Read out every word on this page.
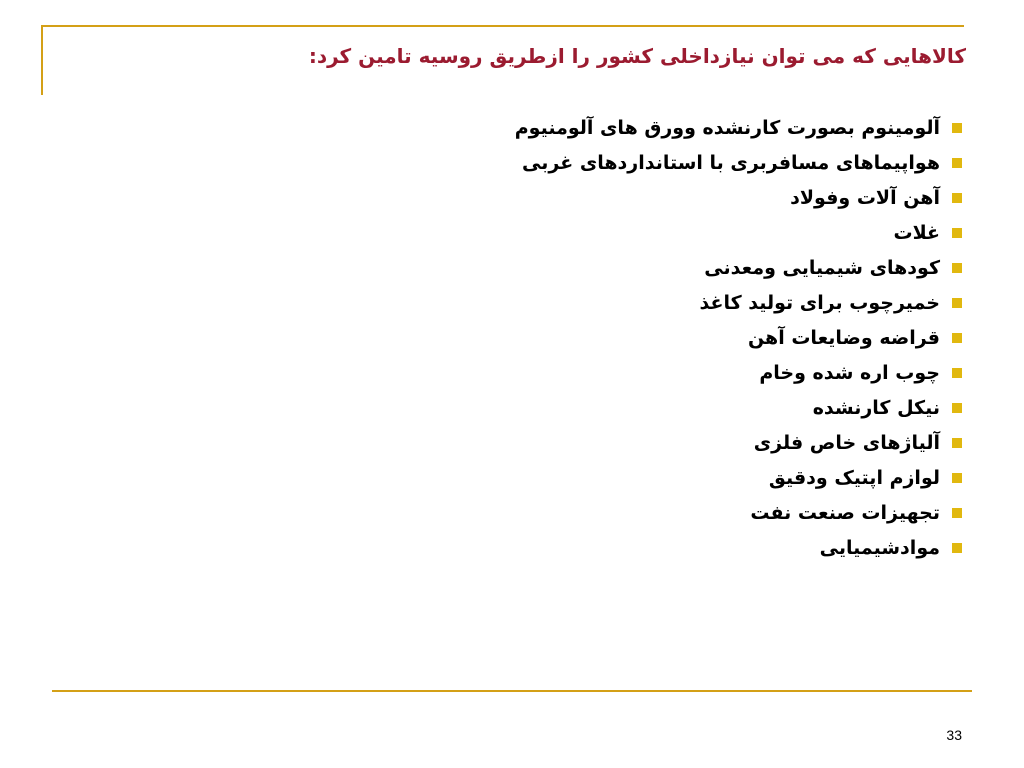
کالاهایی که می توان نیازداخلی کشور را ازطریق روسیه تامین کرد:
آلومینوم بصورت کارنشده وورق های آلومنیوم
هواپیماهای مسافربری با استانداردهای غربی
آهن آلات وفولاد
غلات
کودهای شیمیایی ومعدنی
خمیرچوب برای تولید کاغذ
قراضه وضایعات آهن
چوب اره شده وخام
نیکل کارنشده
آلیاژهای خاص فلزی
لوازم اپتیک ودقیق
تجهیزات صنعت نفت
موادشیمیایی
33
